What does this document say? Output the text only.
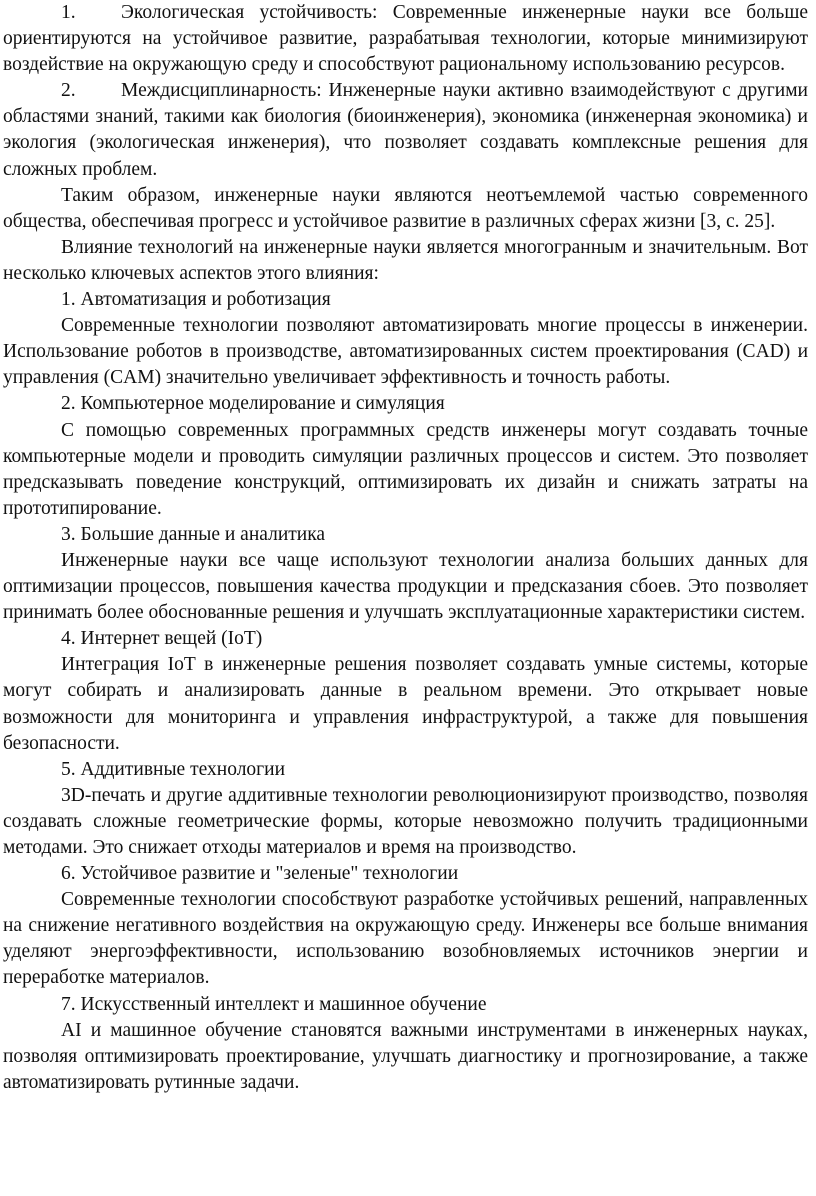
1. Экологическая устойчивость: Современные инженерные науки все больше ориентируются на устойчивое развитие, разрабатывая технологии, которые минимизируют воздействие на окружающую среду и способствуют рациональному использованию ресурсов.

2. Междисциплинарность: Инженерные науки активно взаимодействуют с другими областями знаний, такими как биология (биоинженерия), экономика (инженерная экономика) и экология (экологическая инженерия), что позволяет создавать комплексные решения для сложных проблем.

Таким образом, инженерные науки являются неотъемлемой частью современного общества, обеспечивая прогресс и устойчивое развитие в различных сферах жизни [3, с. 25].

Влияние технологий на инженерные науки является многогранным и значительным. Вот несколько ключевых аспектов этого влияния:

1. Автоматизация и роботизация

Современные технологии позволяют автоматизировать многие процессы в инженерии. Использование роботов в производстве, автоматизированных систем проектирования (CAD) и управления (CAM) значительно увеличивает эффективность и точность работы.

2. Компьютерное моделирование и симуляция

С помощью современных программных средств инженеры могут создавать точные компьютерные модели и проводить симуляции различных процессов и систем. Это позволяет предсказывать поведение конструкций, оптимизировать их дизайн и снижать затраты на прототипирование.

3. Большие данные и аналитика

Инженерные науки все чаще используют технологии анализа больших данных для оптимизации процессов, повышения качества продукции и предсказания сбоев. Это позволяет принимать более обоснованные решения и улучшать эксплуатационные характеристики систем.

4. Интернет вещей (IoT)

Интеграция IoT в инженерные решения позволяет создавать умные системы, которые могут собирать и анализировать данные в реальном времени. Это открывает новые возможности для мониторинга и управления инфраструктурой, а также для повышения безопасности.

5. Аддитивные технологии

3D-печать и другие аддитивные технологии революционизируют производство, позволяя создавать сложные геометрические формы, которые невозможно получить традиционными методами. Это снижает отходы материалов и время на производство.

6. Устойчивое развитие и "зеленые" технологии

Современные технологии способствуют разработке устойчивых решений, направленных на снижение негативного воздействия на окружающую среду. Инженеры все больше внимания уделяют энергоэффективности, использованию возобновляемых источников энергии и переработке материалов.

7. Искусственный интеллект и машинное обучение

AI и машинное обучение становятся важными инструментами в инженерных науках, позволяя оптимизировать проектирование, улучшать диагностику и прогнозирование, а также автоматизировать рутинные задачи.
